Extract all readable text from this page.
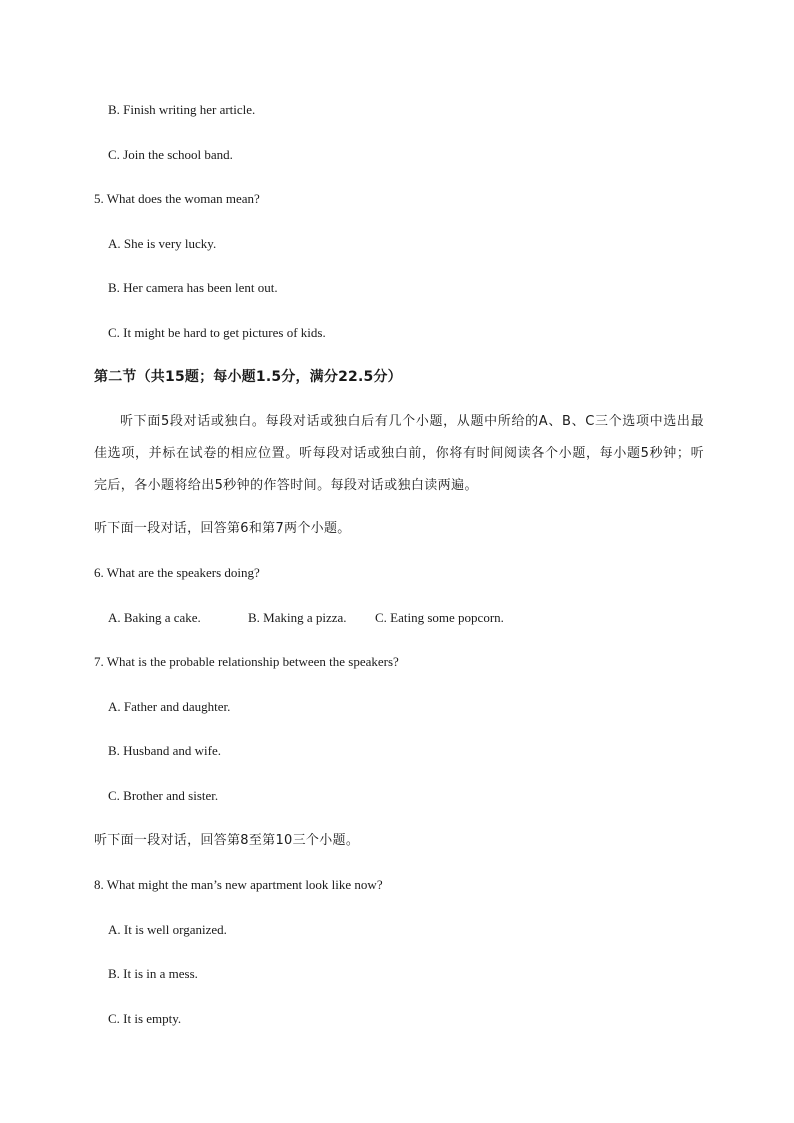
B. Finish writing her article.
C. Join the school band.
5. What does the woman mean?
A. She is very lucky.
B. Her camera has been lent out.
C. It might be hard to get pictures of kids.
第二节（共15题；每小题1.5分，满分22.5分）
听下面5段对话或独白。每段对话或独白后有几个小题，从题中所给的A、B、C三个选项中选出最佳选项，并标在试卷的相应位置。听每段对话或独白前，你将有时间阅读各个小题，每小题5秒钟；听完后，各小题将给出5秒钟的作答时间。每段对话或独白读两遍。
听下面一段对话，回答第6和第7两个小题。
6. What are the speakers doing?
A. Baking a cake.	B. Making a pizza. C. Eating some popcorn.
7. What is the probable relationship between the speakers?
A. Father and daughter.
B. Husband and wife.
C. Brother and sister.
听下面一段对话，回答第8至第10三个小题。
8. What might the man’s new apartment look like now?
A. It is well organized.
B. It is in a mess.
C. It is empty.
